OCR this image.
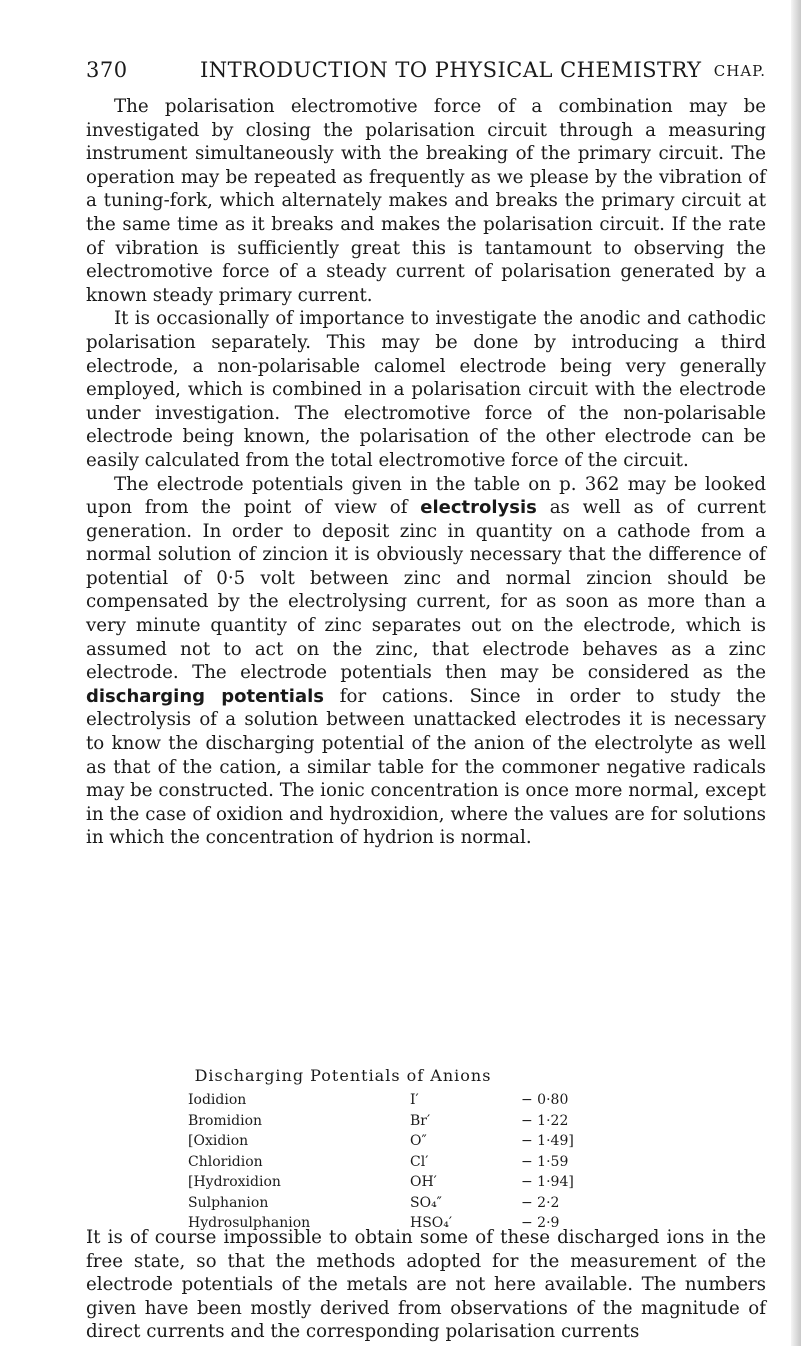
370	INTRODUCTION TO PHYSICAL CHEMISTRY CHAP.

The polarisation electromotive force of a combination may be investigated by closing the polarisation circuit through a measuring instrument simultaneously with the breaking of the primary circuit. The operation may be repeated as frequently as we please by the vibration of a tuning-fork, which alternately makes and breaks the primary circuit at the same time as it breaks and makes the polarisation circuit. If the rate of vibration is sufficiently great this is tantamount to observing the electromotive force of a steady current of polarisation generated by a known steady primary current.

It is occasionally of importance to investigate the anodic and cathodic polarisation separately. This may be done by introducing a third electrode, a non-polarisable calomel electrode being very generally employed, which is combined in a polarisation circuit with the electrode under investigation. The electromotive force of the non-polarisable electrode being known, the polarisation of the other electrode can be easily calculated from the total electromotive force of the circuit.

The electrode potentials given in the table on p. 362 may be looked upon from the point of view of electrolysis as well as of current generation. In order to deposit zinc in quantity on a cathode from a normal solution of zincion it is obviously necessary that the difference of potential of 0·5 volt between zinc and normal zincion should be compensated by the electrolysing current, for as soon as more than a very minute quantity of zinc separates out on the electrode, which is assumed not to act on the zinc, that electrode behaves as a zinc electrode. The electrode potentials then may be considered as the discharging potentials for cations. Since in order to study the electrolysis of a solution between unattacked electrodes it is necessary to know the discharging potential of the anion of the electrolyte as well as that of the cation, a similar table for the commoner negative radicals may be constructed. The ionic concentration is once more normal, except in the case of oxidion and hydroxidion, where the values are for solutions in which the concentration of hydrion is normal.

Discharging Potentials of Anions
Iodidion	I′	− 0·80
Bromidion	Br′	− 1·22
[Oxidion	O″	− 1·49]
Chloridion	Cl′	− 1·59
[Hydroxidion	OH′	− 1·94]
Sulphanion	SO₄″	− 2·2
Hydrosulphanion	HSO₄′	− 2·9

It is of course impossible to obtain some of these discharged ions in the free state, so that the methods adopted for the measurement of the electrode potentials of the metals are not here available. The numbers given have been mostly derived from observations of the magnitude of direct currents and the corresponding polarisation currents
